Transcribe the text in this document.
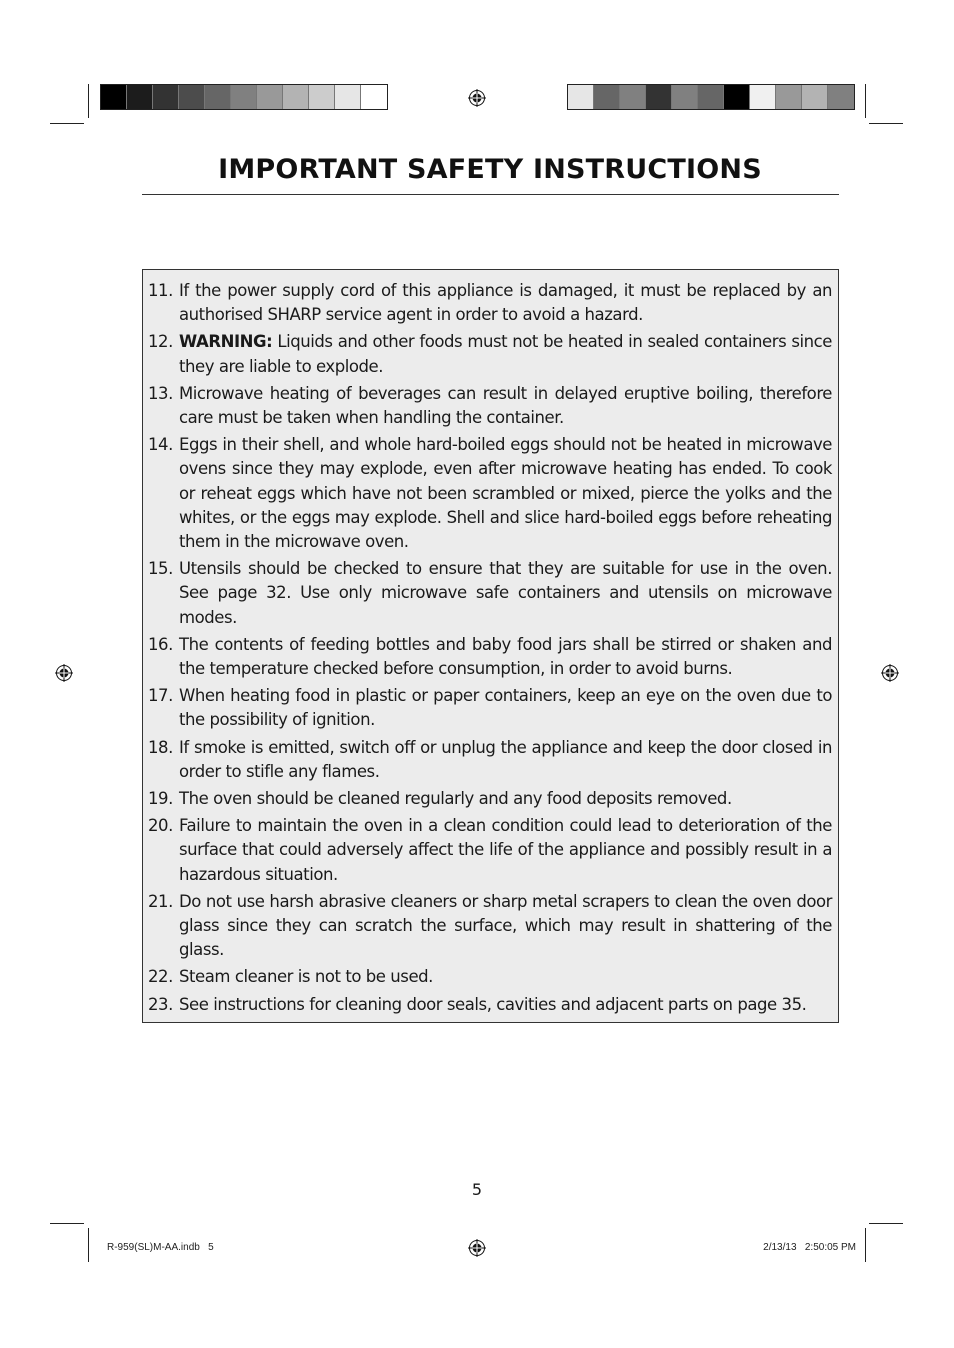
IMPORTANT SAFETY INSTRUCTIONS
11. If the power supply cord of this appliance is damaged, it must be replaced by an authorised SHARP service agent in order to avoid a hazard.
12. WARNING: Liquids and other foods must not be heated in sealed containers since they are liable to explode.
13. Microwave heating of beverages can result in delayed eruptive boiling, therefore care must be taken when handling the container.
14. Eggs in their shell, and whole hard-boiled eggs should not be heated in microwave ovens since they may explode, even after microwave heating has ended. To cook or reheat eggs which have not been scrambled or mixed, pierce the yolks and the whites, or the eggs may explode. Shell and slice hard-boiled eggs before reheating them in the microwave oven.
15. Utensils should be checked to ensure that they are suitable for use in the oven. See page 32. Use only microwave safe containers and utensils on microwave modes.
16. The contents of feeding bottles and baby food jars shall be stirred or shaken and the temperature checked before consumption, in order to avoid burns.
17. When heating food in plastic or paper containers, keep an eye on the oven due to the possibility of ignition.
18. If smoke is emitted, switch off or unplug the appliance and keep the door closed in order to stifle any flames.
19. The oven should be cleaned regularly and any food deposits removed.
20. Failure to maintain the oven in a clean condition could lead to deterioration of the surface that could adversely affect the life of the appliance and possibly result in a hazardous situation.
21. Do not use harsh abrasive cleaners or sharp metal scrapers to clean the oven door glass since they can scratch the surface, which may result in shattering of the glass.
22. Steam cleaner is not to be used.
23. See instructions for cleaning door seals, cavities and adjacent parts on page 35.
5
R-959(SL)M-AA.indb   5	2/13/13   2:50:05 PM
